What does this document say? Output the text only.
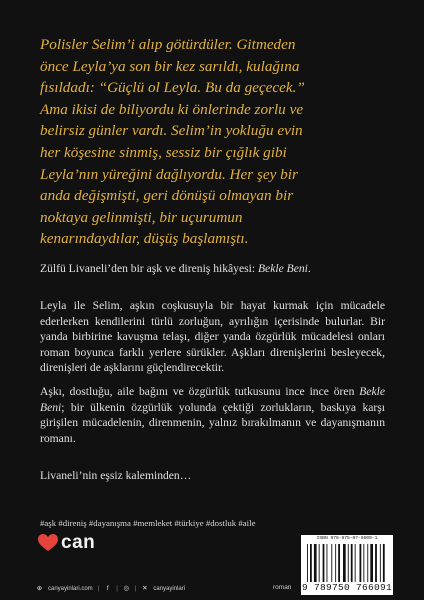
Polisler Selim’i alıp götürdüler. Gitmeden
önce Leyla’ya son bir kez sarıldı, kulağına
fısıldadı: “Güçlü ol Leyla. Bu da geçecek.”
Ama ikisi de biliyordu ki önlerinde zorlu ve
belirsiz günler vardı. Selim’in yokluğu evin
her köşesine sinmiş, sessiz bir çığlık gibi
Leyla’nın yüreğini dağlıyordu. Her şey bir
anda değişmişti, geri dönüşü olmayan bir
noktaya gelinmişti, bir uçurumun
kenarındaydılar, düşüş başlamıştı.

Zülfü Livaneli’den bir aşk ve direniş hikâyesi: Bekle Beni.

Leyla ile Selim, aşkın coşkusuyla bir hayat kurmak için mücadele ederlerken kendilerini türlü zorluğun, ayrılığın içerisinde bulurlar. Bir yanda birbirine kavuşma telaşı, diğer yanda özgürlük mücadelesi onları roman boyunca farklı yerlere sürükler. Aşkları direnişlerini besleyecek, direnişleri de aşklarını güçlendirecektir.

Aşkı, dostluğu, aile bağını ve özgürlük tutkusunu ince ince ören Bekle Beni; bir ülkenin özgürlük yolunda çektiği zorlukların, baskıya karşı girişilen mücadelenin, direnmenin, yalnız bırakılmanın ve dayanışmanın romanı.

Livaneli’nin eşsiz kaleminden…

#aşk #direniş #dayanışma #memleket #türkiye #dostluk #aile

can
⊕ canyayinlari.com |	f	| ◎ | ✕ canyayinlari	roman
ISBN 978-975-07-6609-1
9 789750 766091
